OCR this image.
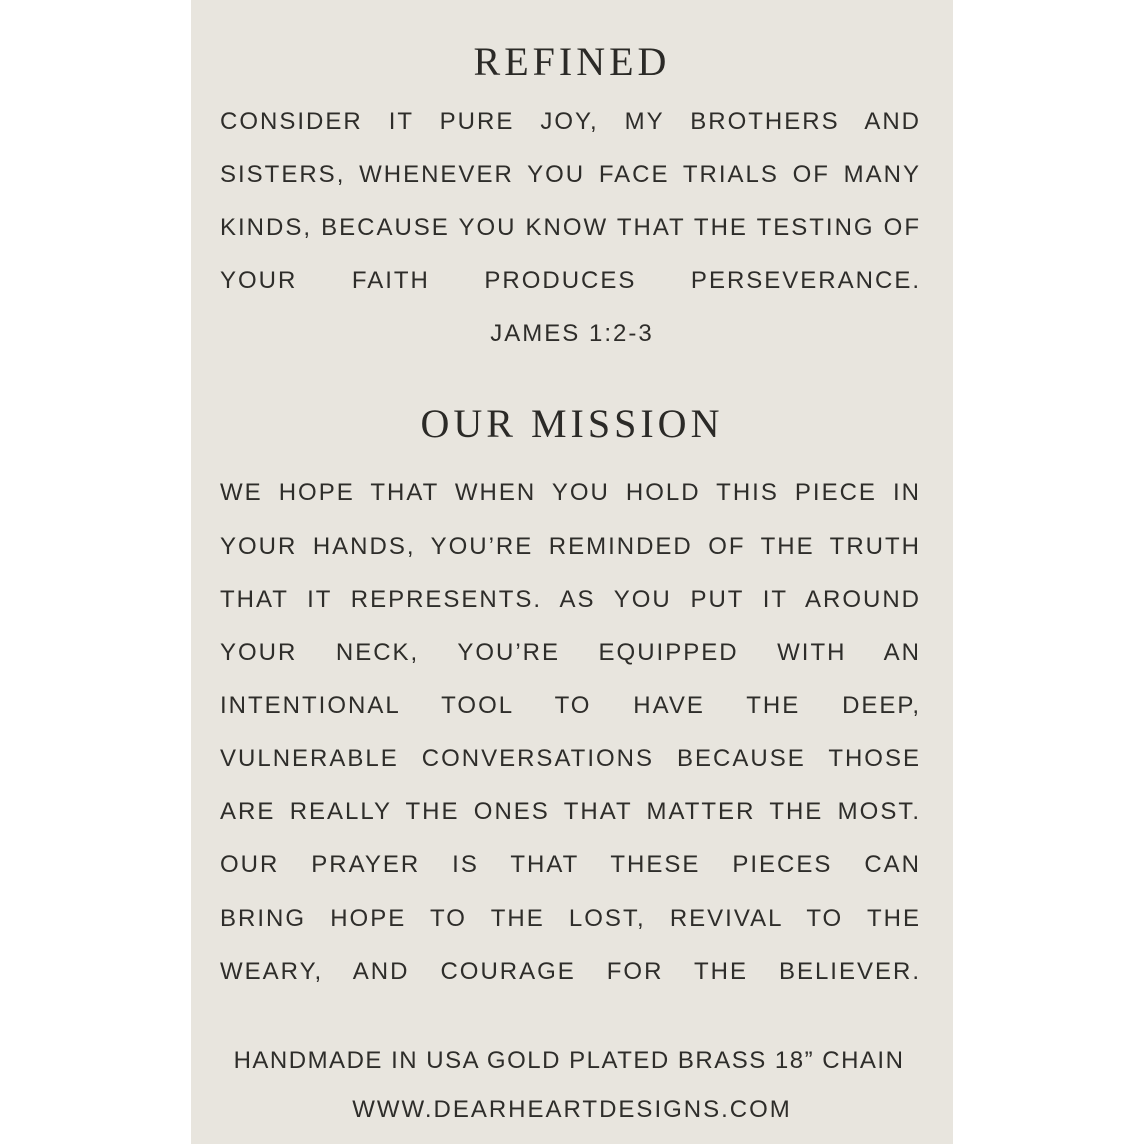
REFINED
CONSIDER IT PURE JOY, MY BROTHERS AND
SISTERS, WHENEVER YOU FACE TRIALS OF MANY
KINDS, BECAUSE YOU KNOW THAT THE TESTING OF
YOUR FAITH PRODUCES PERSEVERANCE.
JAMES 1:2-3
OUR MISSION
WE HOPE THAT WHEN YOU HOLD THIS PIECE IN
YOUR HANDS, YOU’RE REMINDED OF THE TRUTH
THAT IT REPRESENTS. AS YOU PUT IT AROUND
YOUR NECK, YOU’RE EQUIPPED WITH AN
INTENTIONAL TOOL TO HAVE THE DEEP,
VULNERABLE CONVERSATIONS BECAUSE THOSE
ARE REALLY THE ONES THAT MATTER THE MOST.
OUR PRAYER IS THAT THESE PIECES CAN
BRING HOPE TO THE LOST, REVIVAL TO THE
WEARY, AND COURAGE FOR THE BELIEVER.
HANDMADE IN USA GOLD PLATED BRASS 18” CHAIN
WWW.DEARHEARTDESIGNS.COM
